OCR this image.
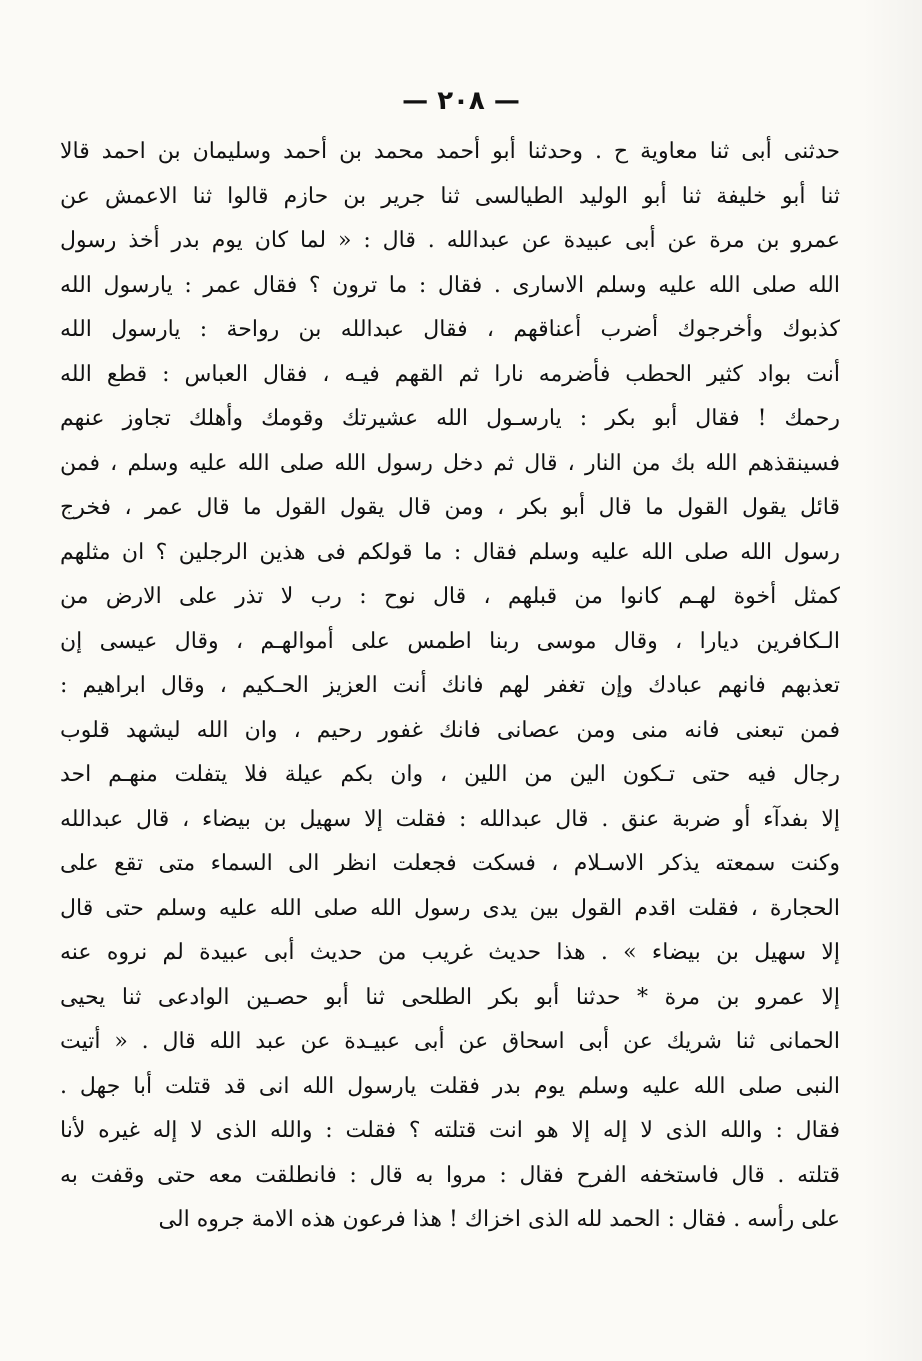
— ٢٠٨ —
حدثنى أبى ثنا معاوية ح . وحدثنا أبو أحمد محمد بن أحمد وسليمان بن احمد قالا
ثنا أبو خليفة ثنا أبو الوليد الطيالسى ثنا جرير بن حازم قالوا ثنا الاعمش عن
عمرو بن مرة عن أبى عبيدة عن عبدالله . قال : « لما كان يوم بدر أخذ رسول
الله صلى الله عليه وسلم الاسارى . فقال : ما ترون ؟ فقال عمر : يارسول الله
كذبوك وأخرجوك أضرب أعناقهم ، فقال عبدالله بن رواحة : يارسول الله
أنت بواد كثير الحطب فأضرمه نارا ثم القهم فيـه ، فقال العباس : قطع الله
رحمك ! فقال أبو بكر : يارسـول الله عشيرتك وقومك وأهلك تجاوز عنهم
فسينقذهم الله بك من النار ، قال ثم دخل رسول الله صلى الله عليه وسلم ، فمن
قائل يقول القول ما قال أبو بكر ، ومن قال يقول القول ما قال عمر ، فخرج
رسول الله صلى الله عليه وسلم فقال : ما قولكم فى هذين الرجلين ؟ ان مثلهم
كمثل أخوة لهـم كانوا من قبلهم ، قال نوح : رب لا تذر على الارض من
الـكافرين ديارا ، وقال موسى ربنا اطمس على أموالهـم ، وقال عيسى إن
تعذبهم فانهم عبادك وإن تغفر لهم فانك أنت العزيز الحـكيم ، وقال ابراهيم :
فمن تبعنى فانه منى ومن عصانى فانك غفور رحيم ، وان الله ليشهد قلوب
رجال فيه حتى تـكون الين من اللين ، وان بكم عيلة فلا يتفلت منهـم احد
إلا بفدآء أو ضربة عنق . قال عبدالله : فقلت إلا سهيل بن بيضاء ، قال عبدالله
وكنت سمعته يذكر الاسـلام ، فسكت فجعلت انظر الى السماء متى تقع على
الحجارة ، فقلت اقدم القول بين يدى رسول الله صلى الله عليه وسلم حتى قال
إلا سهيل بن بيضاء » . هذا حديث غريب من حديث أبى عبيدة لم نروه عنه
إلا عمرو بن مرة * حدثنا أبو بكر الطلحى ثنا أبو حصـين الوادعى ثنا يحيى
الحمانى ثنا شريك عن أبى اسحاق عن أبى عبيـدة عن عبد الله قال . « أتيت
النبى صلى الله عليه وسلم يوم بدر فقلت يارسول الله انى قد قتلت أبا جهل .
فقال : والله الذى لا إله إلا هو انت قتلته ؟ فقلت : والله الذى لا إله غيره لأنا
قتلته . قال فاستخفه الفرح فقال : مروا به قال : فانطلقت معه حتى وقفت به
على رأسه . فقال : الحمد لله الذى اخزاك ! هذا فرعون هذه الامة جروه الى
